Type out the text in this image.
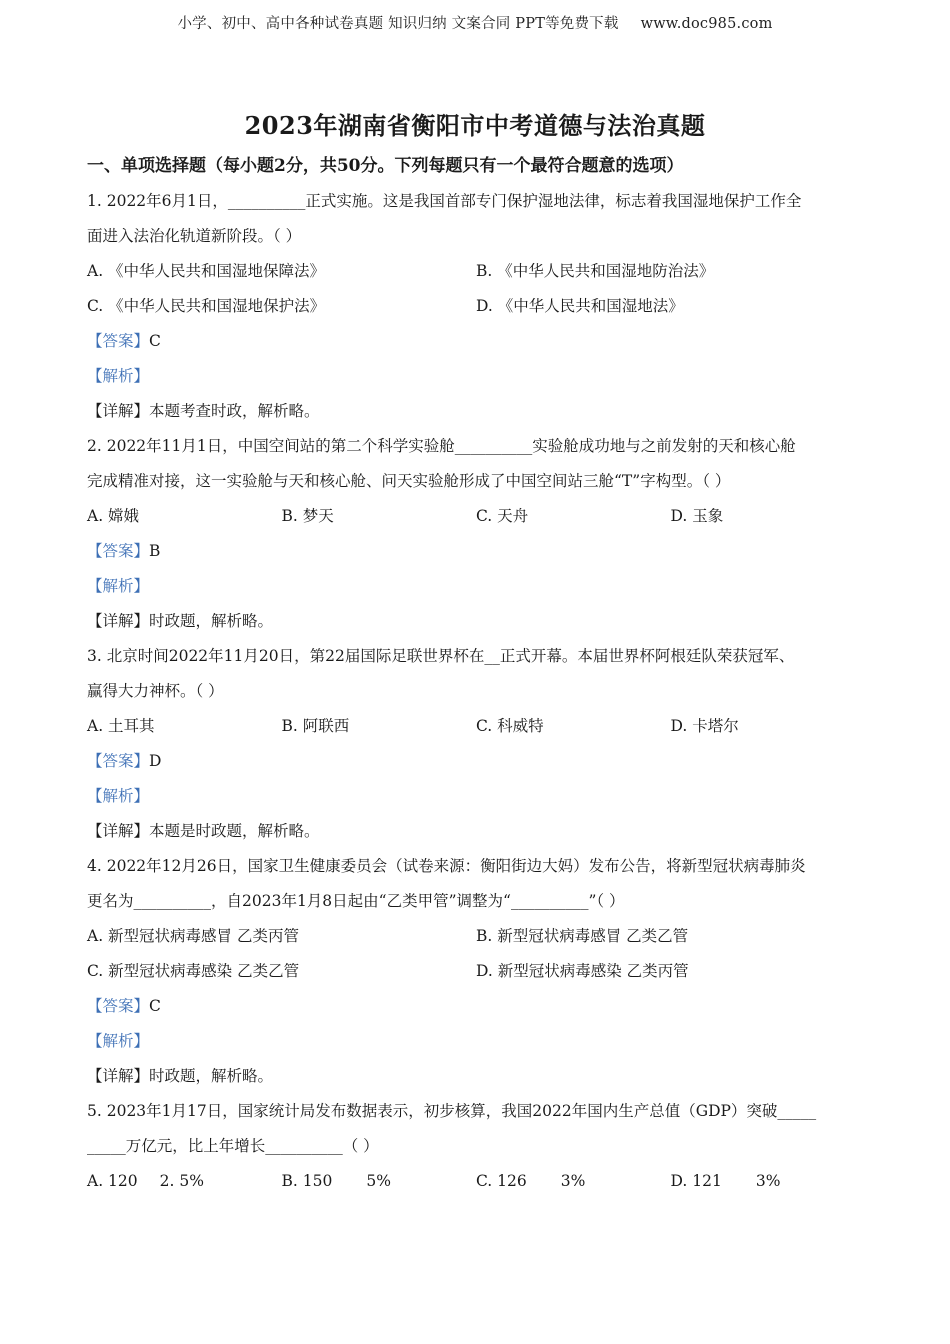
小学、初中、高中各种试卷真题 知识归纳 文案合同 PPT等免费下载 www.doc985.com
2023年湖南省衡阳市中考道德与法治真题
一、单项选择题（每小题2分，共50分。下列每题只有一个最符合题意的选项）
1. 2022年6月1日，__________正式实施。这是我国首部专门保护湿地法律，标志着我国湿地保护工作全
面进入法治化轨道新阶段。（ ）
A. 《中华人民共和国湿地保障法》	B. 《中华人民共和国湿地防治法》
C. 《中华人民共和国湿地保护法》	D. 《中华人民共和国湿地法》
【答案】C
【解析】
【详解】本题考查时政，解析略。
2. 2022年11月1日，中国空间站的第二个科学实验舱__________实验舱成功地与之前发射的天和核心舱
完成精准对接，这一实验舱与天和核心舱、问天实验舱形成了中国空间站三舱“T”字构型。（ ）
A. 嫦娥	B. 梦天	C. 天舟	D. 玉象
【答案】B
【解析】
【详解】时政题，解析略。
3. 北京时间2022年11月20日，第22届国际足联世界杯在__正式开幕。本届世界杯阿根廷队荣获冠军、
赢得大力神杯。（ ）
A. 土耳其	B. 阿联西	C. 科威特	D. 卡塔尔
【答案】D
【解析】
【详解】本题是时政题，解析略。
4. 2022年12月26日，国家卫生健康委员会（试卷来源：衡阳街边大妈）发布公告，将新型冠状病毒肺炎
更名为__________，自2023年1月8日起由“乙类甲管”调整为“__________”（ ）
A. 新型冠状病毒感冒 乙类丙管	B. 新型冠状病毒感冒 乙类乙管
C. 新型冠状病毒感染 乙类乙管	D. 新型冠状病毒感染 乙类丙管
【答案】C
【解析】
【详解】时政题，解析略。
5. 2023年1月17日，国家统计局发布数据表示，初步核算，我国2022年国内生产总值（GDP）突破_____
_____万亿元，比上年增长__________（ ）
A. 120 2. 5%	B. 150 5%	C. 126 3%	D. 121 3%
